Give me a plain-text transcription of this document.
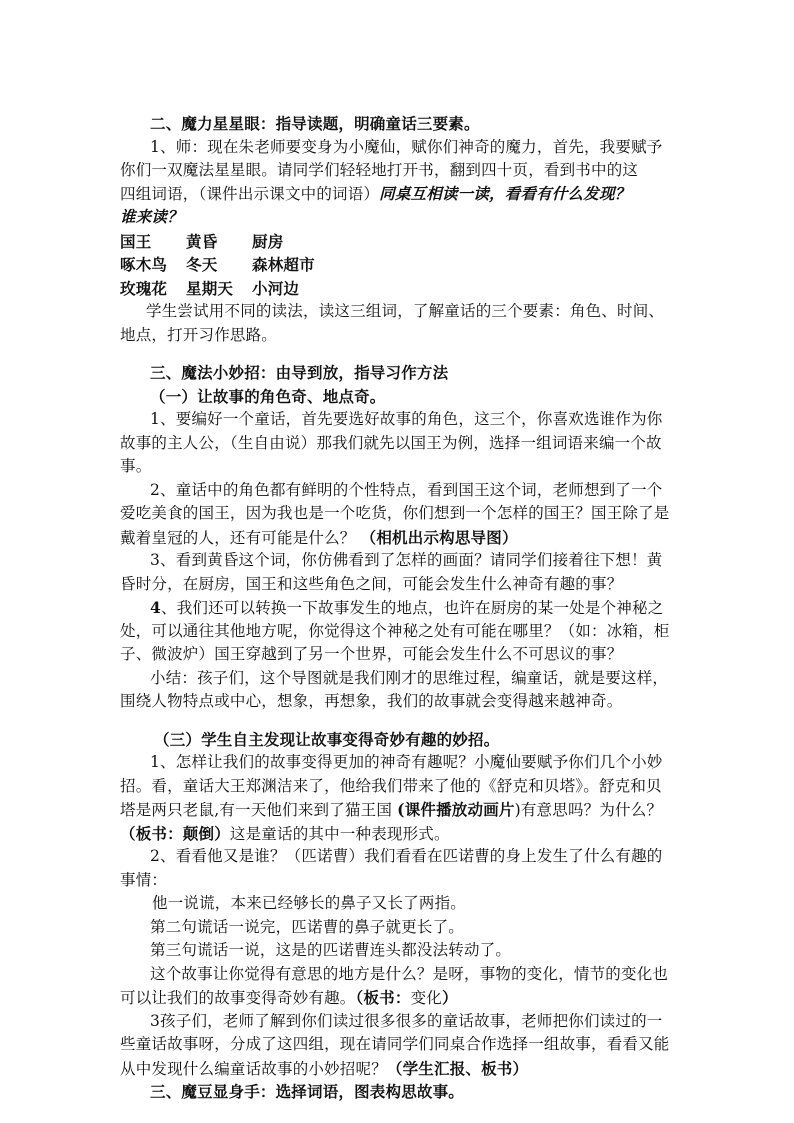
二、魔力星星眼：指导读题，明确童话三要素。
1、师：现在朱老师要变身为小魔仙，赋你们神奇的魔力，首先，我要赋予
你们一双魔法星星眼。请同学们轻轻地打开书，翻到四十页，看到书中的这
四组词语，（课件出示课文中的词语）同桌互相读一读，看看有什么发现？
谁来读？
国王	黄昏	厨房
啄木鸟	冬天	森林超市
玫瑰花	星期天	小河边
学生尝试用不同的读法，读这三组词，了解童话的三个要素：角色、时间、
地点，打开习作思路。
三、魔法小妙招：由导到放，指导习作方法
（一）让故事的角色奇、地点奇。
1、要编好一个童话，首先要选好故事的角色，这三个，你喜欢选谁作为你
故事的主人公，（生自由说）那我们就先以国王为例，选择一组词语来编一个故
事。
2、童话中的角色都有鲜明的个性特点，看到国王这个词，老师想到了一个
爱吃美食的国王，因为我也是一个吃货，你们想到一个怎样的国王？国王除了是
戴着皇冠的人，还有可能是什么？ （相机出示构思导图）
3、看到黄昏这个词，你仿佛看到了怎样的画面？请同学们接着往下想！黄
昏时分，在厨房，国王和这些角色之间，可能会发生什么神奇有趣的事？
4、我们还可以转换一下故事发生的地点，也许在厨房的某一处是个神秘之
处，可以通往其他地方呢，你觉得这个神秘之处有可能在哪里？（如：冰箱，柜
子、微波炉）国王穿越到了另一个世界，可能会发生什么不可思议的事？
小结：孩子们，这个导图就是我们刚才的思维过程，编童话，就是要这样，
围绕人物特点或中心，想象，再想象，我们的故事就会变得越来越神奇。
（三）学生自主发现让故事变得奇妙有趣的妙招。
1、怎样让我们的故事变得更加的神奇有趣呢？小魔仙要赋予你们几个小妙
招。看，童话大王郑渊洁来了，他给我们带来了他的《舒克和贝塔》。舒克和贝
塔是两只老鼠,有一天他们来到了猫王国 (课件播放动画片)有意思吗？为什么？
（板书：颠倒）这是童话的其中一种表现形式。
2、看看他又是谁？（匹诺曹）我们看看在匹诺曹的身上发生了什么有趣的
事情：
他一说谎，本来已经够长的鼻子又长了两指。
第二句谎话一说完，匹诺曹的鼻子就更长了。
第三句谎话一说，这是的匹诺曹连头都没法转动了。
这个故事让你觉得有意思的地方是什么？是呀，事物的变化，情节的变化也
可以让我们的故事变得奇妙有趣。（板书：变化）
3孩子们，老师了解到你们读过很多很多的童话故事，老师把你们读过的一
些童话故事呀，分成了这四组，现在请同学们同桌合作选择一组故事，看看又能
从中发现什么编童话故事的小妙招呢？（学生汇报、板书）
三、魔豆显身手：选择词语，图表构思故事。
